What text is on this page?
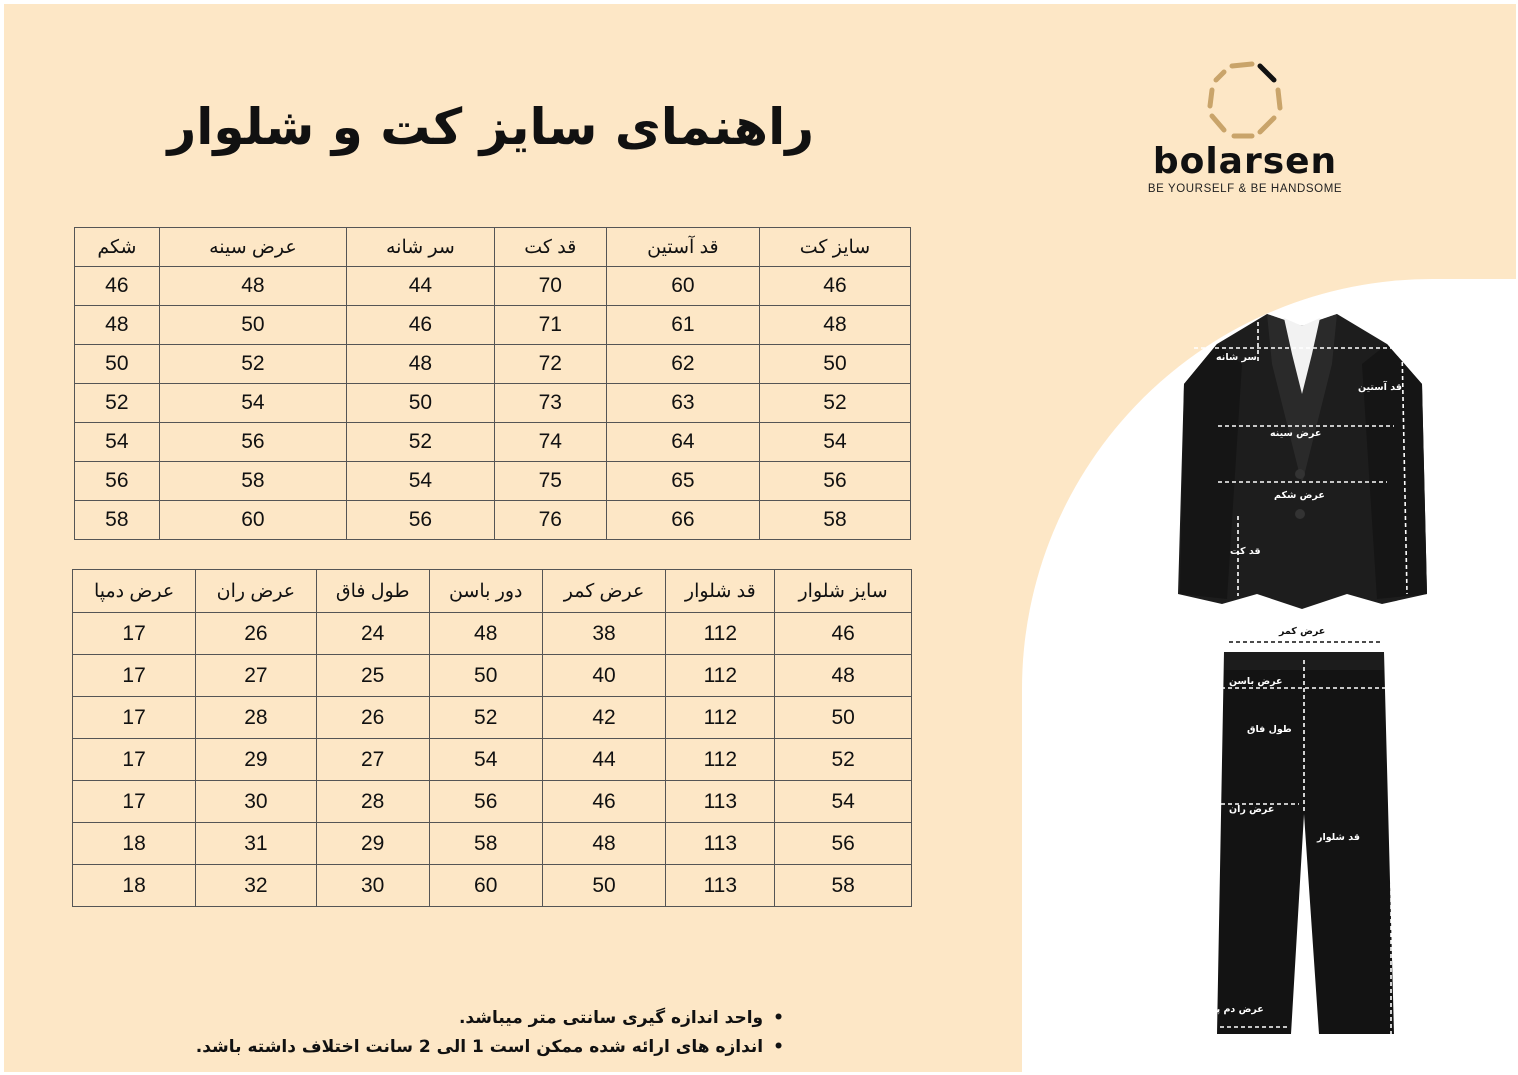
راهنمای سایز کت و شلوار
bolarsen
BE YOURSELF & BE HANDSOME
سایز کت	قد آستین	قد کت	سر شانه	عرض سینه	شکم
46	60	70	44	48	46
48	61	71	46	50	48
50	62	72	48	52	50
52	63	73	50	54	52
54	64	74	52	56	54
56	65	75	54	58	56
58	66	76	56	60	58
سایز شلوار	قد شلوار	عرض کمر	دور باسن	طول فاق	عرض ران	عرض دمپا
46	112	38	48	24	26	17
48	112	40	50	25	27	17
50	112	42	52	26	28	17
52	112	44	54	27	29	17
54	113	46	56	28	30	17
56	113	48	58	29	31	18
58	113	50	60	30	32	18
•واحد اندازه گیری سانتی متر میباشد.
•اندازه های ارائه شده ممکن است 1 الی 2 سانت اختلاف داشته باشد.
سر شانه
قد آستین
عرض سینه
عرض شکم
قد کت
عرض کمر
عرض باسن
طول فاق
عرض ران
قد شلوار
عرض دم پا
